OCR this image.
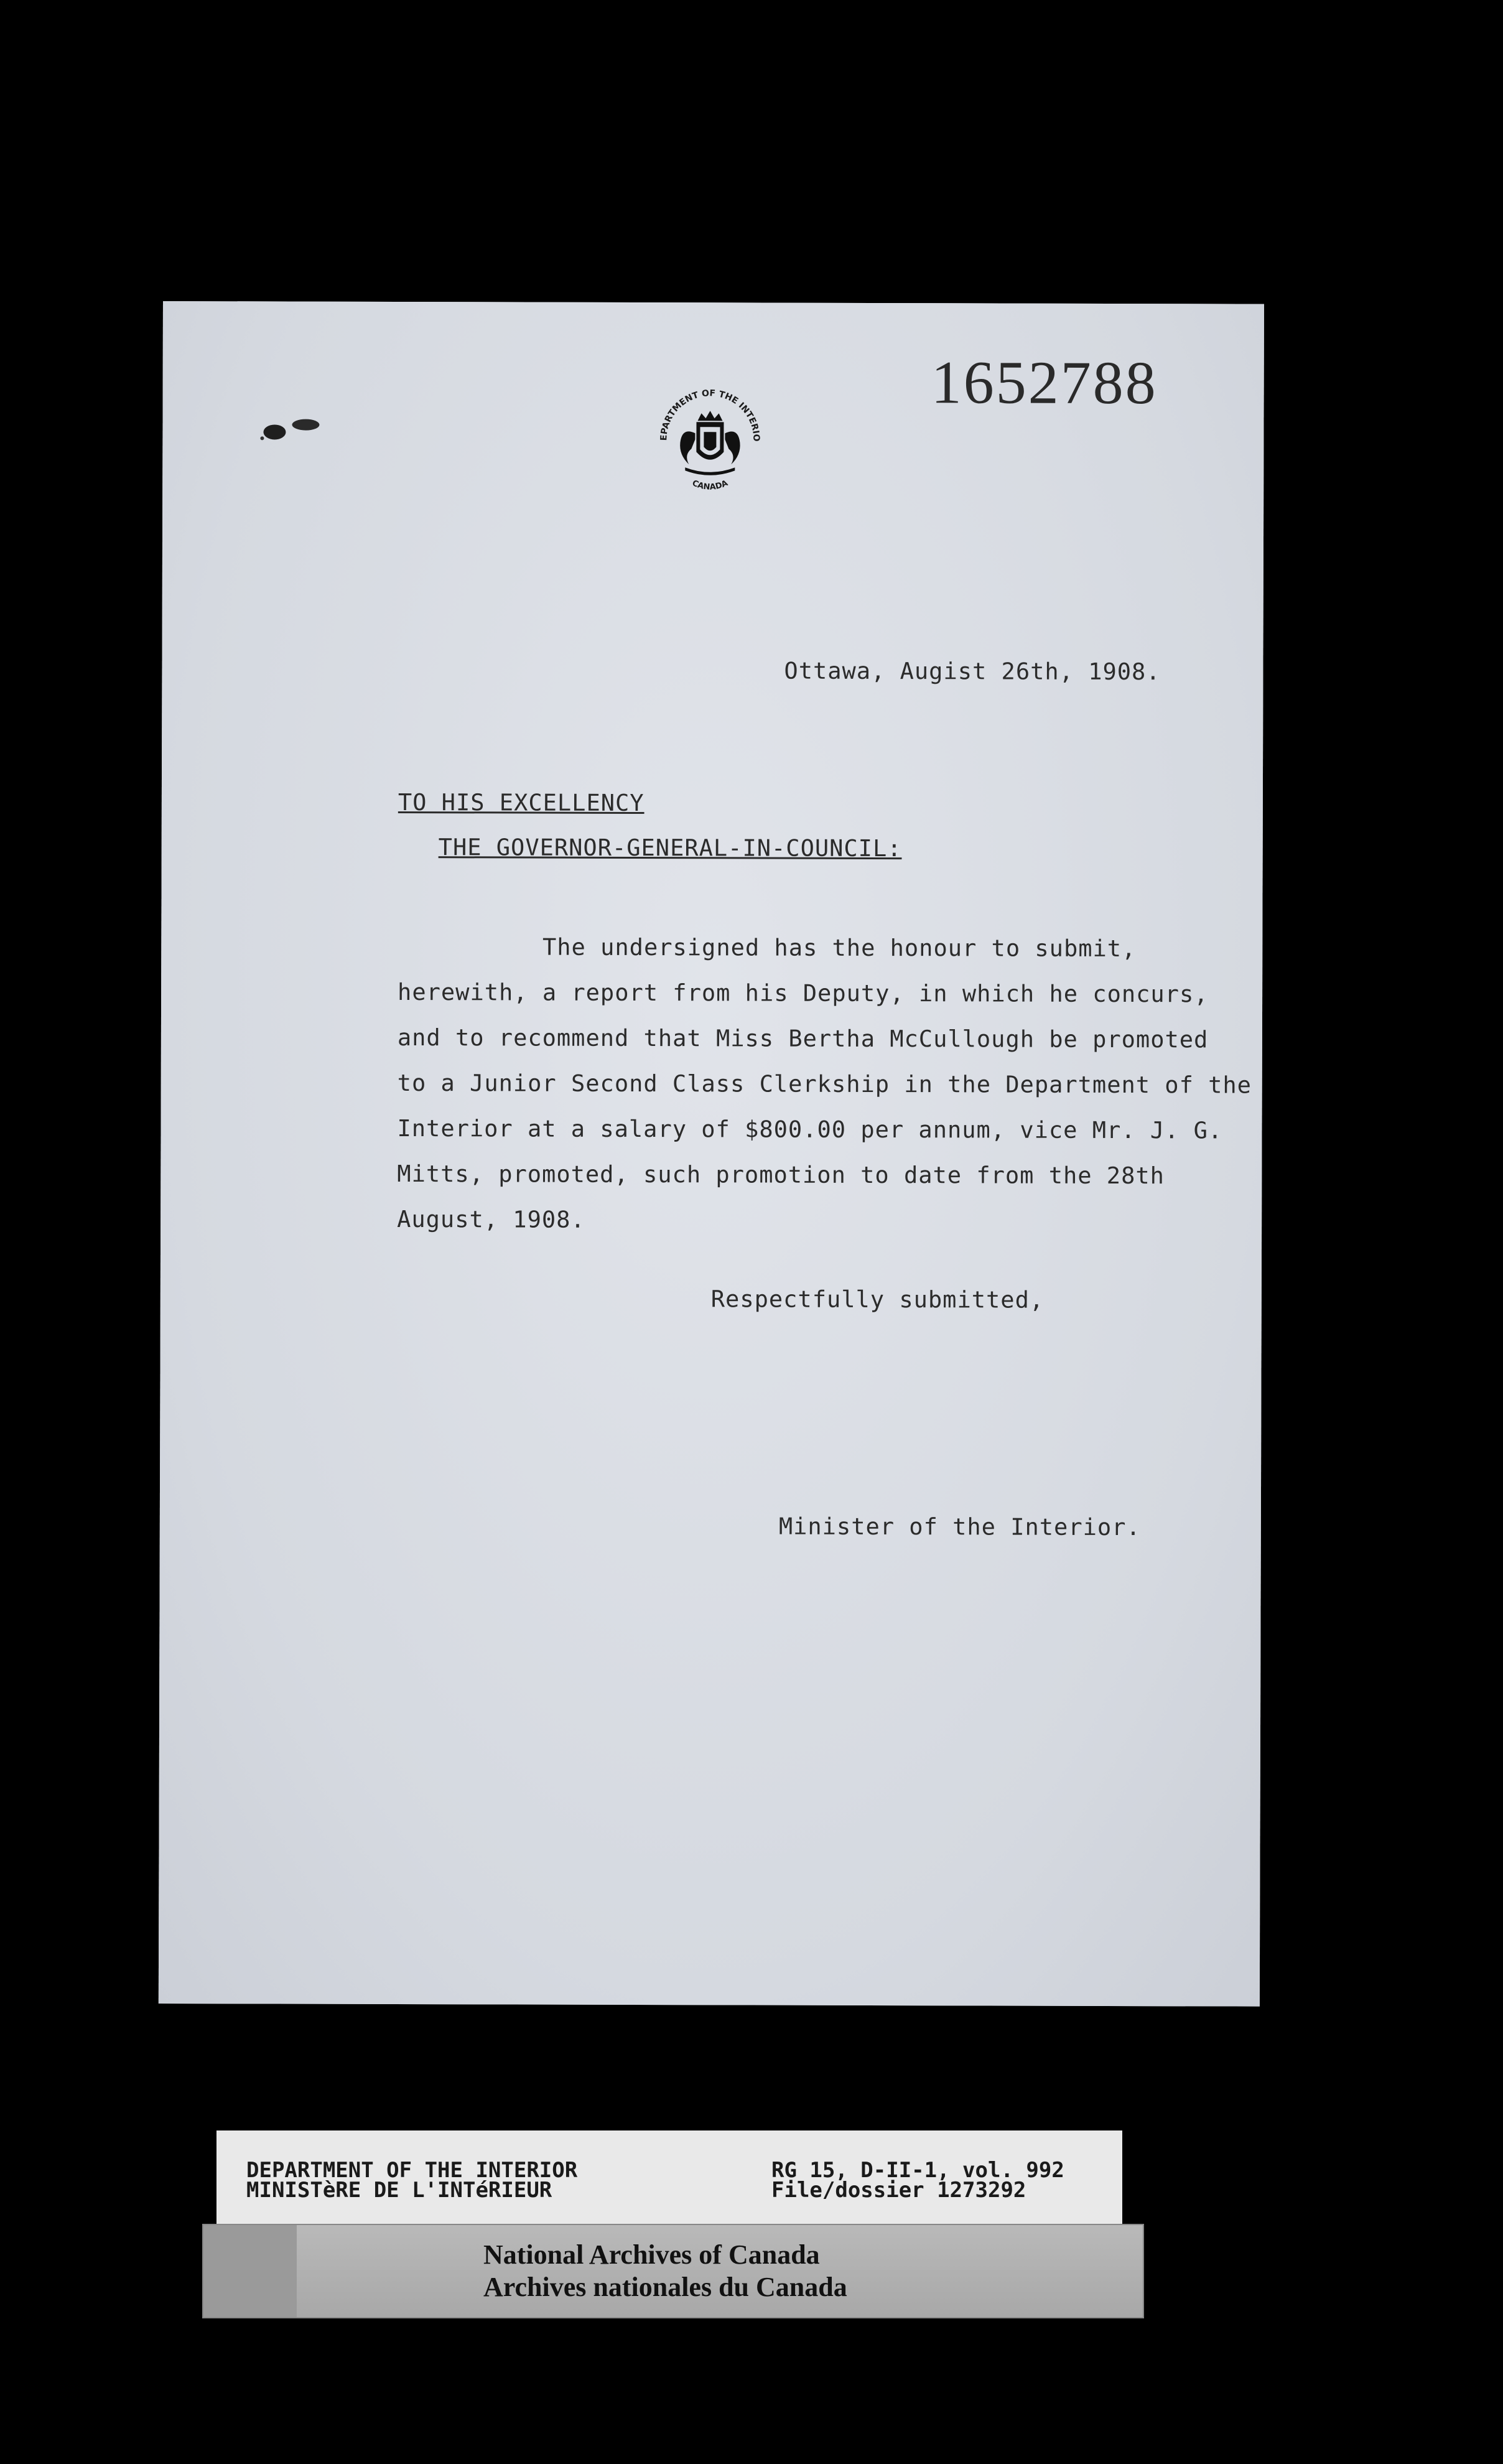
DEPARTMENT OF THE INTERIOR
CANADA
1652788
Ottawa, Augist 26th, 1908.
TO HIS EXCELLENCY
THE GOVERNOR-GENERAL-IN-COUNCIL:
The undersigned has the honour to submit,
herewith, a report from his Deputy, in which he concurs,
and to recommend that Miss Bertha McCullough be promoted
to a Junior Second Class Clerkship in the Department of the
Interior at a salary of $800.00 per annum, vice Mr. J. G.
Mitts, promoted, such promotion to date from the 28th
August, 1908.
Respectfully submitted,
Minister of the Interior.
DEPARTMENT OF THE INTERIOR
MINISTèRE DE L'INTéRIEUR
RG 15, D-II-1, vol. 992
File/dossier 1273292
National Archives of Canada
Archives nationales du Canada
